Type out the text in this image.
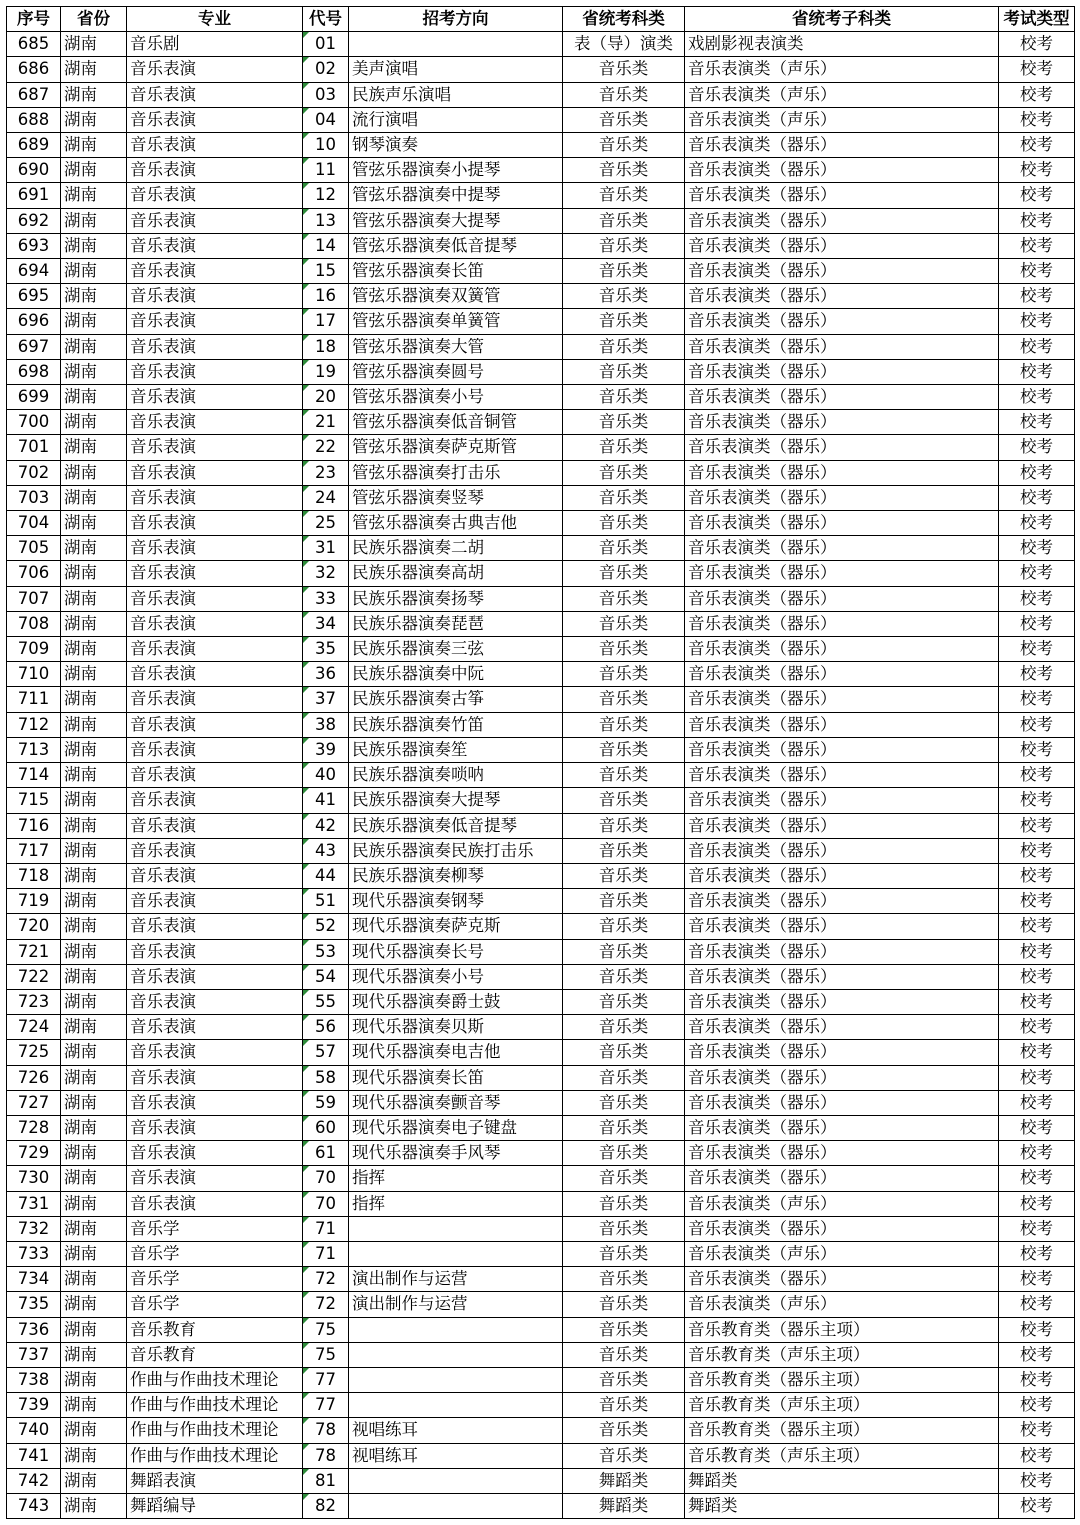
序号	省份	专业	代号	招考方向	省统考科类	省统考子科类	考试类型
685	湖南	音乐剧	01		表（导）演类	戏剧影视表演类	校考
686	湖南	音乐表演	02	美声演唱	音乐类	音乐表演类（声乐）	校考
687	湖南	音乐表演	03	民族声乐演唱	音乐类	音乐表演类（声乐）	校考
688	湖南	音乐表演	04	流行演唱	音乐类	音乐表演类（声乐）	校考
689	湖南	音乐表演	10	钢琴演奏	音乐类	音乐表演类（器乐）	校考
690	湖南	音乐表演	11	管弦乐器演奏小提琴	音乐类	音乐表演类（器乐）	校考
691	湖南	音乐表演	12	管弦乐器演奏中提琴	音乐类	音乐表演类（器乐）	校考
692	湖南	音乐表演	13	管弦乐器演奏大提琴	音乐类	音乐表演类（器乐）	校考
693	湖南	音乐表演	14	管弦乐器演奏低音提琴	音乐类	音乐表演类（器乐）	校考
694	湖南	音乐表演	15	管弦乐器演奏长笛	音乐类	音乐表演类（器乐）	校考
695	湖南	音乐表演	16	管弦乐器演奏双簧管	音乐类	音乐表演类（器乐）	校考
696	湖南	音乐表演	17	管弦乐器演奏单簧管	音乐类	音乐表演类（器乐）	校考
697	湖南	音乐表演	18	管弦乐器演奏大管	音乐类	音乐表演类（器乐）	校考
698	湖南	音乐表演	19	管弦乐器演奏圆号	音乐类	音乐表演类（器乐）	校考
699	湖南	音乐表演	20	管弦乐器演奏小号	音乐类	音乐表演类（器乐）	校考
700	湖南	音乐表演	21	管弦乐器演奏低音铜管	音乐类	音乐表演类（器乐）	校考
701	湖南	音乐表演	22	管弦乐器演奏萨克斯管	音乐类	音乐表演类（器乐）	校考
702	湖南	音乐表演	23	管弦乐器演奏打击乐	音乐类	音乐表演类（器乐）	校考
703	湖南	音乐表演	24	管弦乐器演奏竖琴	音乐类	音乐表演类（器乐）	校考
704	湖南	音乐表演	25	管弦乐器演奏古典吉他	音乐类	音乐表演类（器乐）	校考
705	湖南	音乐表演	31	民族乐器演奏二胡	音乐类	音乐表演类（器乐）	校考
706	湖南	音乐表演	32	民族乐器演奏高胡	音乐类	音乐表演类（器乐）	校考
707	湖南	音乐表演	33	民族乐器演奏扬琴	音乐类	音乐表演类（器乐）	校考
708	湖南	音乐表演	34	民族乐器演奏琵琶	音乐类	音乐表演类（器乐）	校考
709	湖南	音乐表演	35	民族乐器演奏三弦	音乐类	音乐表演类（器乐）	校考
710	湖南	音乐表演	36	民族乐器演奏中阮	音乐类	音乐表演类（器乐）	校考
711	湖南	音乐表演	37	民族乐器演奏古筝	音乐类	音乐表演类（器乐）	校考
712	湖南	音乐表演	38	民族乐器演奏竹笛	音乐类	音乐表演类（器乐）	校考
713	湖南	音乐表演	39	民族乐器演奏笙	音乐类	音乐表演类（器乐）	校考
714	湖南	音乐表演	40	民族乐器演奏唢呐	音乐类	音乐表演类（器乐）	校考
715	湖南	音乐表演	41	民族乐器演奏大提琴	音乐类	音乐表演类（器乐）	校考
716	湖南	音乐表演	42	民族乐器演奏低音提琴	音乐类	音乐表演类（器乐）	校考
717	湖南	音乐表演	43	民族乐器演奏民族打击乐	音乐类	音乐表演类（器乐）	校考
718	湖南	音乐表演	44	民族乐器演奏柳琴	音乐类	音乐表演类（器乐）	校考
719	湖南	音乐表演	51	现代乐器演奏钢琴	音乐类	音乐表演类（器乐）	校考
720	湖南	音乐表演	52	现代乐器演奏萨克斯	音乐类	音乐表演类（器乐）	校考
721	湖南	音乐表演	53	现代乐器演奏长号	音乐类	音乐表演类（器乐）	校考
722	湖南	音乐表演	54	现代乐器演奏小号	音乐类	音乐表演类（器乐）	校考
723	湖南	音乐表演	55	现代乐器演奏爵士鼓	音乐类	音乐表演类（器乐）	校考
724	湖南	音乐表演	56	现代乐器演奏贝斯	音乐类	音乐表演类（器乐）	校考
725	湖南	音乐表演	57	现代乐器演奏电吉他	音乐类	音乐表演类（器乐）	校考
726	湖南	音乐表演	58	现代乐器演奏长笛	音乐类	音乐表演类（器乐）	校考
727	湖南	音乐表演	59	现代乐器演奏颤音琴	音乐类	音乐表演类（器乐）	校考
728	湖南	音乐表演	60	现代乐器演奏电子键盘	音乐类	音乐表演类（器乐）	校考
729	湖南	音乐表演	61	现代乐器演奏手风琴	音乐类	音乐表演类（器乐）	校考
730	湖南	音乐表演	70	指挥	音乐类	音乐表演类（器乐）	校考
731	湖南	音乐表演	70	指挥	音乐类	音乐表演类（声乐）	校考
732	湖南	音乐学	71		音乐类	音乐表演类（器乐）	校考
733	湖南	音乐学	71		音乐类	音乐表演类（声乐）	校考
734	湖南	音乐学	72	演出制作与运营	音乐类	音乐表演类（器乐）	校考
735	湖南	音乐学	72	演出制作与运营	音乐类	音乐表演类（声乐）	校考
736	湖南	音乐教育	75		音乐类	音乐教育类（器乐主项）	校考
737	湖南	音乐教育	75		音乐类	音乐教育类（声乐主项）	校考
738	湖南	作曲与作曲技术理论	77		音乐类	音乐教育类（器乐主项）	校考
739	湖南	作曲与作曲技术理论	77		音乐类	音乐教育类（声乐主项）	校考
740	湖南	作曲与作曲技术理论	78	视唱练耳	音乐类	音乐教育类（器乐主项）	校考
741	湖南	作曲与作曲技术理论	78	视唱练耳	音乐类	音乐教育类（声乐主项）	校考
742	湖南	舞蹈表演	81		舞蹈类	舞蹈类	校考
743	湖南	舞蹈编导	82		舞蹈类	舞蹈类	校考
